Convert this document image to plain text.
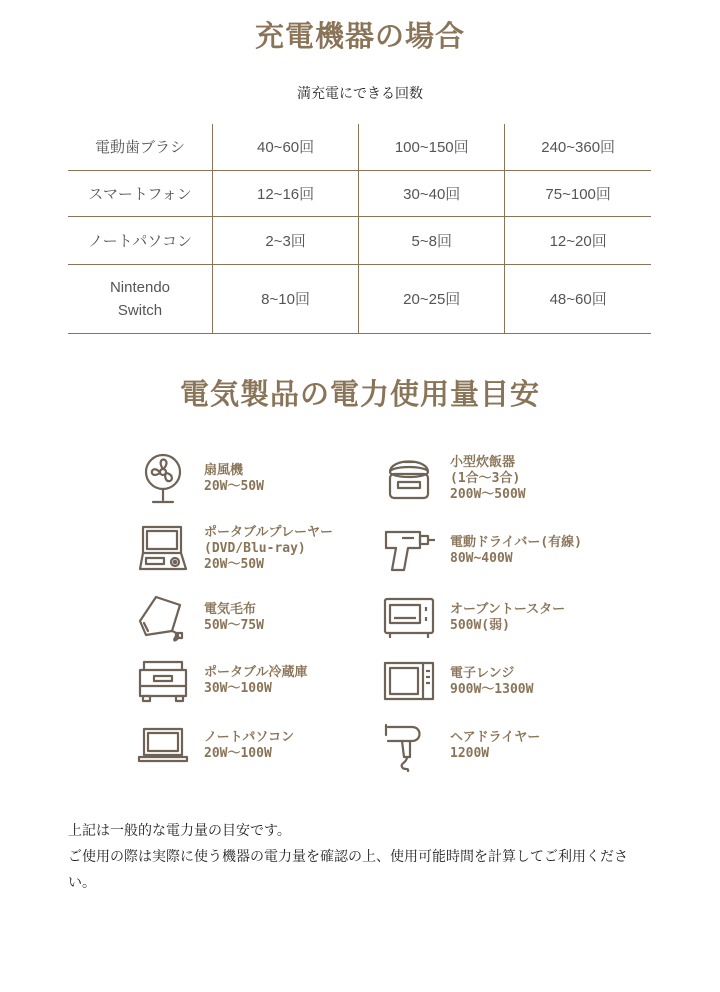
充電機器の場合
満充電にできる回数
電動歯ブラシ	40~60回	100~150回	240~360回
スマートフォン	12~16回	30~40回	75~100回
ノートパソコン	2~3回	5~8回	12~20回

Nintendo
Switch	8~10回	20~25回	48~60回
電気製品の電力使用量目安
扇風機
20W～50W
ポータブルプレーヤー
(DVD/Blu-ray)
20W～50W
電気毛布
50W～75W
ポータブル冷蔵庫
30W～100W
ノートパソコン
20W～100W
小型炊飯器
(1合～3合)
200W～500W
電動ドライバー(有線)
80W~400W
オーブントースター
500W(弱)
電子レンジ
900W～1300W
ヘアドライヤー
1200W

上記は一般的な電力量の目安です。

ご使用の際は実際に使う機器の電力量を確認の上、使用可能時間を計算してご利用くださ

い。
